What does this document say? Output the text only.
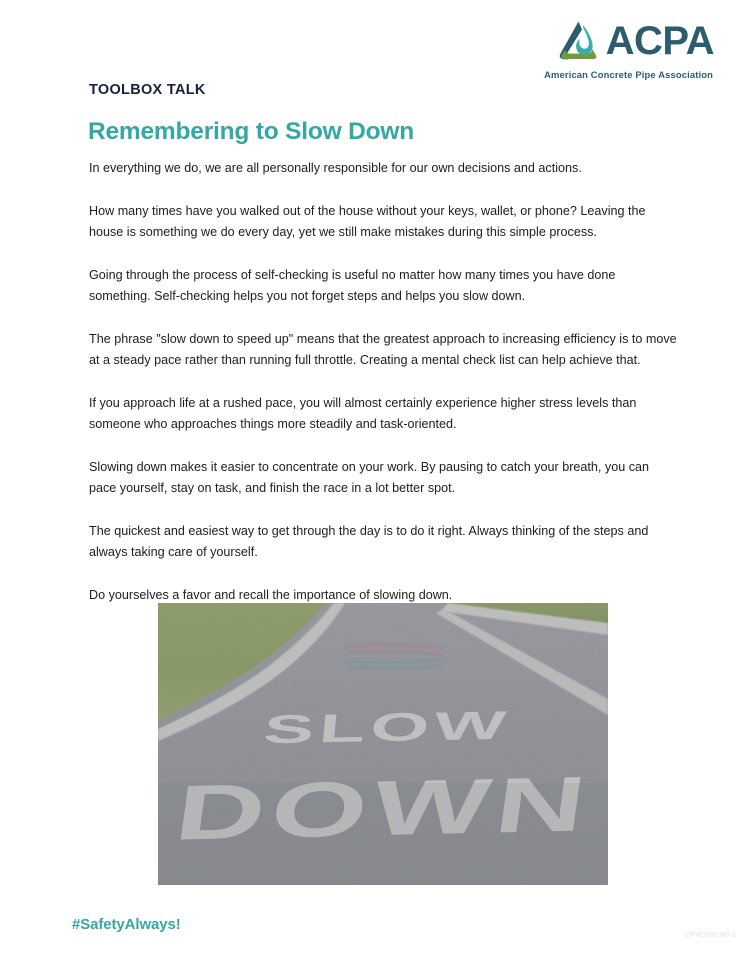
ACPA
American Concrete Pipe Association
TOOLBOX TALK
Remembering to Slow Down

In everything we do, we are all personally responsible for our own decisions and actions.

How many times have you walked out of the house without your keys, wallet, or phone? Leaving the house is something we do every day, yet we still make mistakes during this simple process.

Going through the process of self-checking is useful no matter how many times you have done something. Self-checking helps you not forget steps and helps you slow down.

The phrase "slow down to speed up" means that the greatest approach to increasing efficiency is to move at a steady pace rather than running full throttle. Creating a mental check list can help achieve that.

If you approach life at a rushed pace, you will almost certainly experience higher stress levels than someone who approaches things more steadily and task-oriented.

Slowing down makes it easier to concentrate on your work. By pausing to catch your breath, you can pace yourself, stay on task, and finish the race in a lot better spot.

The quickest and easiest way to get through the day is to do it right. Always thinking of the steps and always taking care of yourself.

Do yourselves a favor and recall the importance of slowing down.

#SafetyAlways!
CPHOGN060-1
